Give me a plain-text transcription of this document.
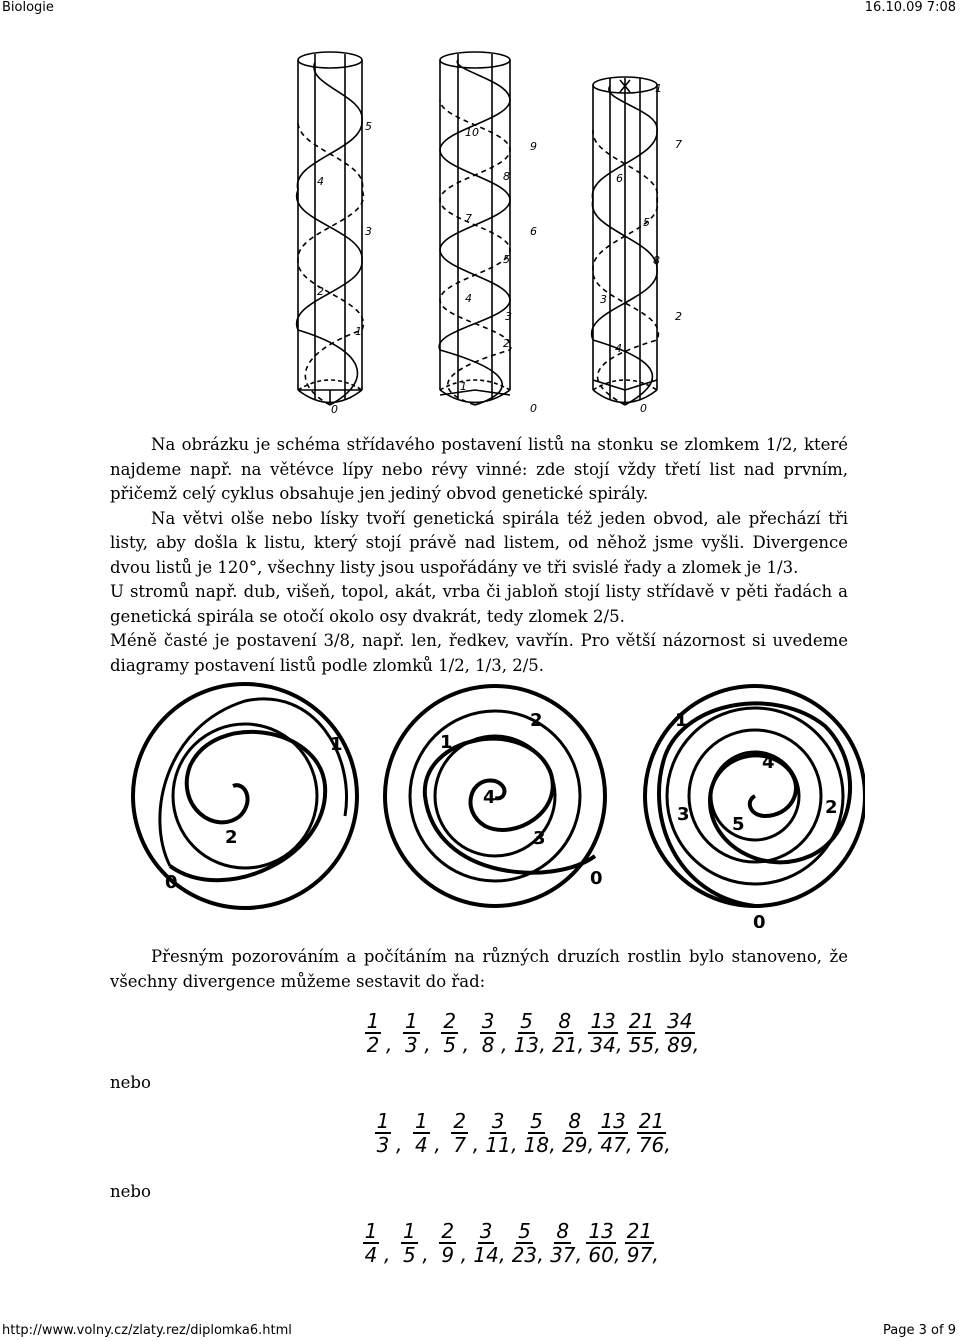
Biologie	16.10.09 7:08
0
1
2
3
4
5
1
2
3
4
5
6
7
8
9
10
0	0
4
2
3
8
5
6
7
1

Na obrázku je schéma střídavého postavení listů na stonku se zlomkem 1/2, které najdeme např. na větévce lípy nebo révy vinné: zde stojí vždy třetí list nad prvním, přičemž celý cyklus obsahuje jen jediný obvod genetické spirály.

Na větvi olše nebo lísky tvoří genetická spirála též jeden obvod, ale přechází tři listy, aby došla k listu, který stojí právě nad listem, od něhož jsme vyšli. Divergence dvou listů je 120°, všechny listy jsou uspořádány ve tři svislé řady a zlomek je 1/3.

U stromů např. dub, višeň, topol, akát, vrba či jabloň stojí listy střídavě v pěti řadách a genetická spirála se otočí okolo osy dvakrát, tedy zlomek 2/5.

Méně časté je postavení 3/8, např. len, ředkev, vavřín. Pro větší názornost si uvedeme diagramy postavení listů podle zlomků 1/2, 1/3, 2/5.

0
1
2
0
1
2
3
4
0
1
2
3
4
5

Přesným pozorováním a počítáním na různých druzích rostlin bylo stanoveno, že všechny divergence můžeme sestavit do řad:

$\frac{1}{2}$ , $\frac{1}{3}$ , $\frac{2}{5}$ , $\frac{3}{8}$ , $\frac{5}{13}$ , $\frac{8}{21}$ , $\frac{13}{34}$ , $\frac{21}{55}$ , $\frac{34}{89}$ ,
nebo
$\frac{1}{3}$ , $\frac{1}{4}$ , $\frac{2}{7}$ , $\frac{3}{11}$ , $\frac{5}{18}$ , $\frac{8}{29}$ , $\frac{13}{47}$ , $\frac{21}{76}$ ,
nebo
$\frac{1}{4}$ , $\frac{1}{5}$ , $\frac{2}{9}$ , $\frac{3}{14}$ , $\frac{5}{23}$ , $\frac{8}{37}$ , $\frac{13}{60}$ , $\frac{21}{97}$ ,
http://www.volny.cz/zlaty.rez/diplomka6.html	Page 3 of 9
